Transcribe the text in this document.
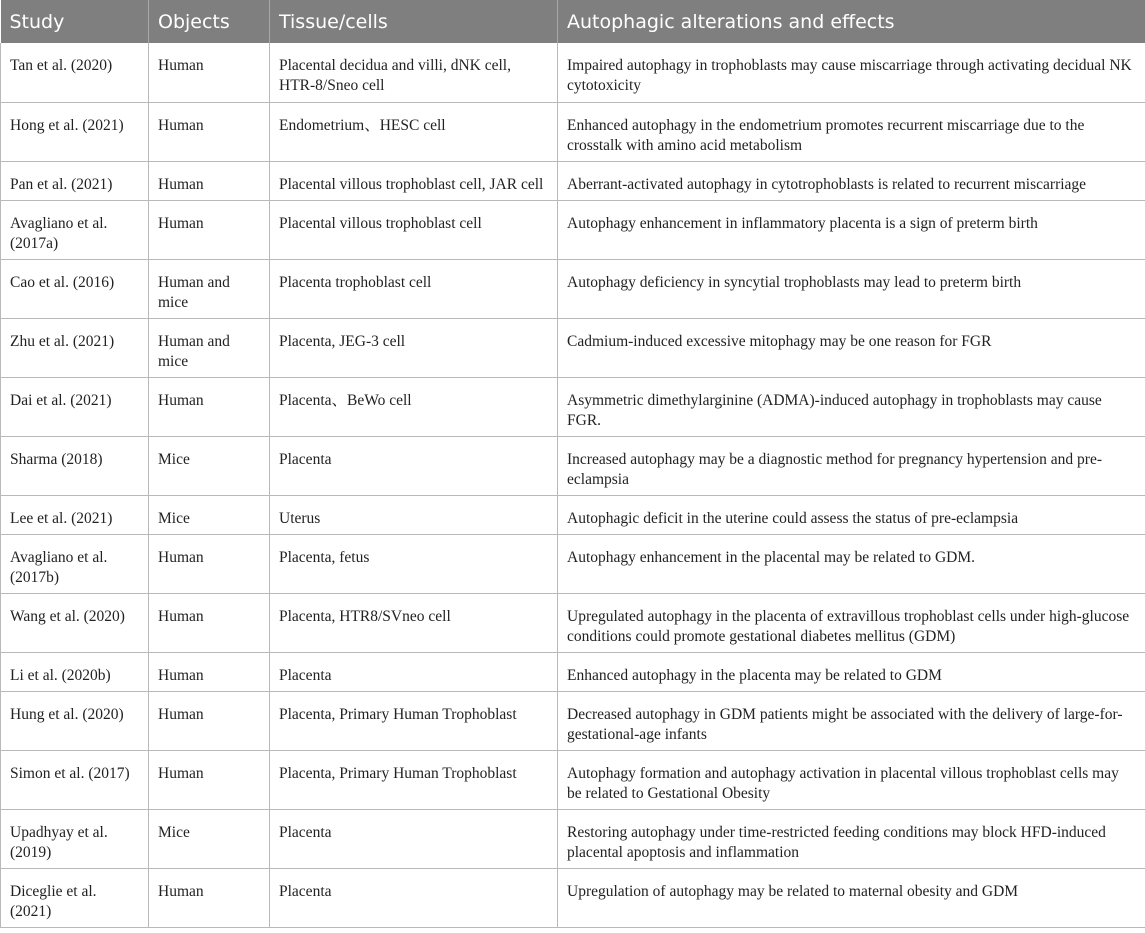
Study	Objects	Tissue/cells	Autophagic alterations and effects
Tan et al. (2020)	Human	Placental decidua and villi, dNK cell, HTR-8/Sneo cell	Impaired autophagy in trophoblasts may cause miscarriage through activating decidual NK cytotoxicity
Hong et al. (2021)	Human	Endometrium、HESC cell	Enhanced autophagy in the endometrium promotes recurrent miscarriage due to the crosstalk with amino acid metabolism
Pan et al. (2021)	Human	Placental villous trophoblast cell, JAR cell	Aberrant-activated autophagy in cytotrophoblasts is related to recurrent miscarriage
Avagliano et al. (2017a)	Human	Placental villous trophoblast cell	Autophagy enhancement in inflammatory placenta is a sign of preterm birth
Cao et al. (2016)	Human and mice	Placenta trophoblast cell	Autophagy deficiency in syncytial trophoblasts may lead to preterm birth
Zhu et al. (2021)	Human and mice	Placenta, JEG-3 cell	Cadmium-induced excessive mitophagy may be one reason for FGR
Dai et al. (2021)	Human	Placenta、BeWo cell	Asymmetric dimethylarginine (ADMA)-induced autophagy in trophoblasts may cause FGR.
Sharma (2018)	Mice	Placenta	Increased autophagy may be a diagnostic method for pregnancy hypertension and pre-eclampsia
Lee et al. (2021)	Mice	Uterus	Autophagic deficit in the uterine could assess the status of pre-eclampsia
Avagliano et al. (2017b)	Human	Placenta, fetus	Autophagy enhancement in the placental may be related to GDM.
Wang et al. (2020)	Human	Placenta, HTR8/SVneo cell	Upregulated autophagy in the placenta of extravillous trophoblast cells under high-glucose conditions could promote gestational diabetes mellitus (GDM)
Li et al. (2020b)	Human	Placenta	Enhanced autophagy in the placenta may be related to GDM
Hung et al. (2020)	Human	Placenta, Primary Human Trophoblast	Decreased autophagy in GDM patients might be associated with the delivery of large-for-gestational-age infants
Simon et al. (2017)	Human	Placenta, Primary Human Trophoblast	Autophagy formation and autophagy activation in placental villous trophoblast cells may be related to Gestational Obesity
Upadhyay et al. (2019)	Mice	Placenta	Restoring autophagy under time-restricted feeding conditions may block HFD-induced placental apoptosis and inflammation
Diceglie et al. (2021)	Human	Placenta	Upregulation of autophagy may be related to maternal obesity and GDM
